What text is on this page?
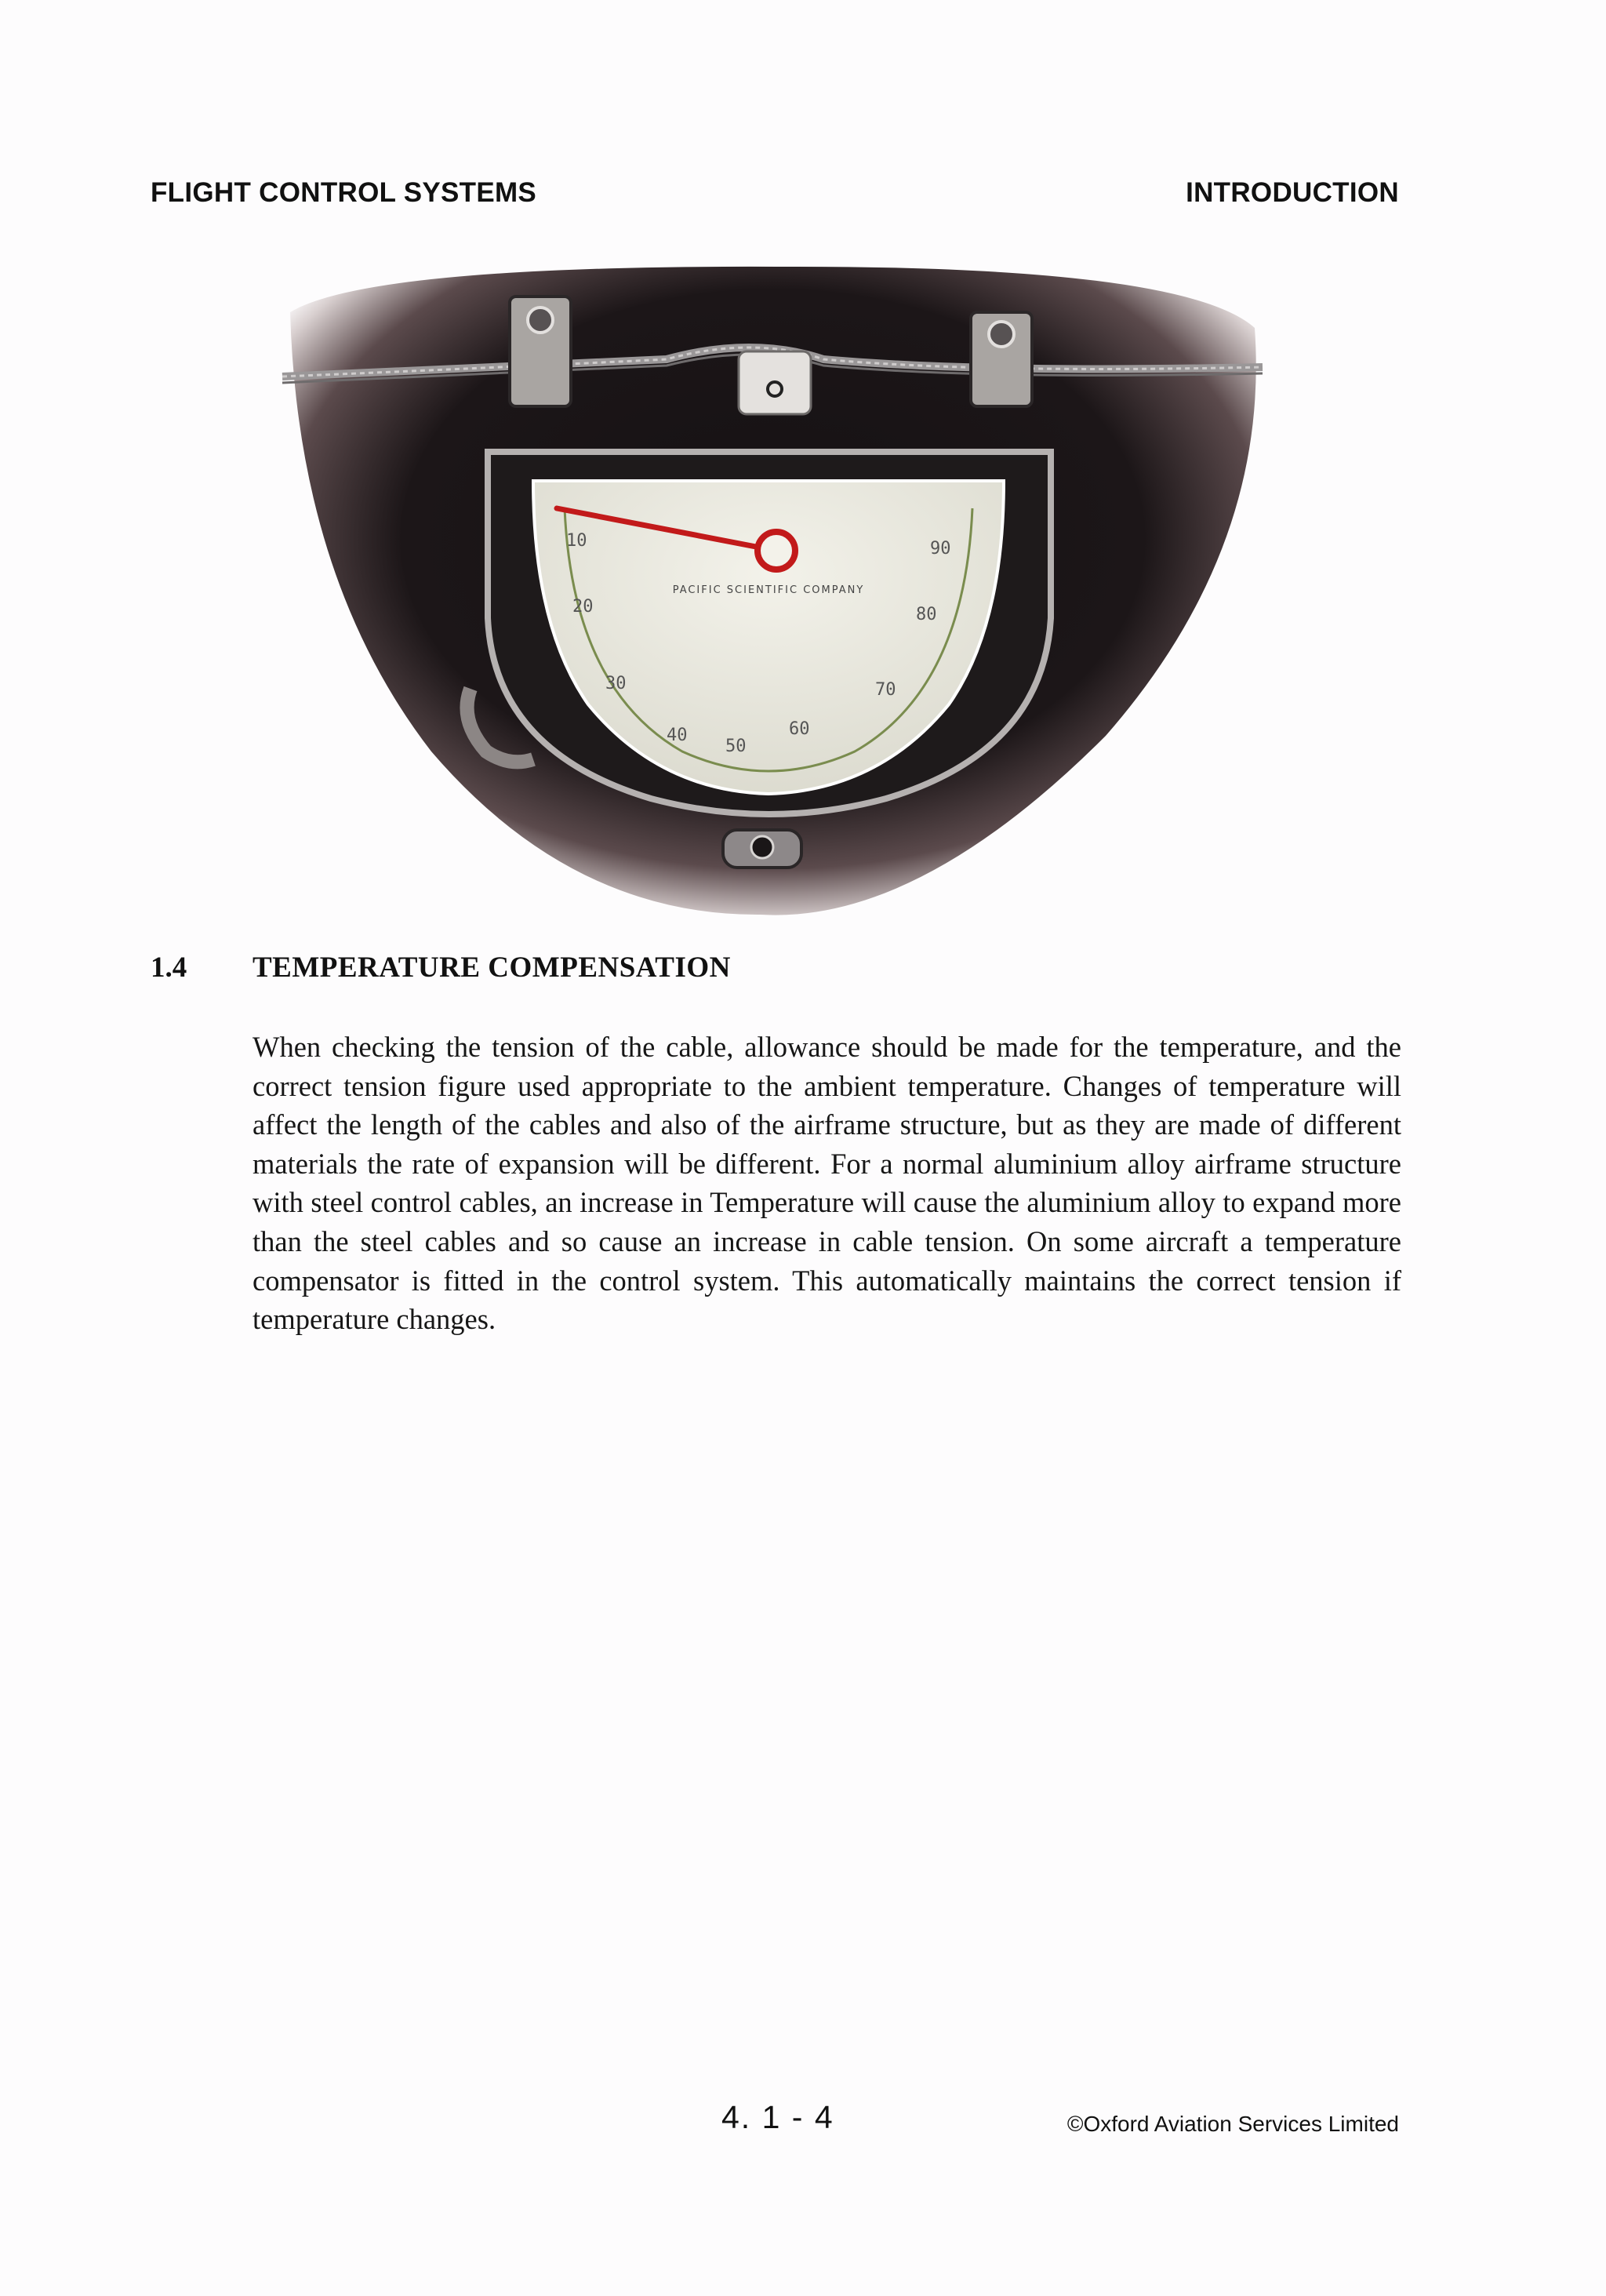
FLIGHT CONTROL SYSTEMS	INTRODUCTION
10
20
30
40
50
60
70
80
90
PACIFIC SCIENTIFIC COMPANY
1.4 TEMPERATURE COMPENSATION
When checking the tension of the cable, allowance should be made for the temperature, and the correct tension figure used appropriate to the ambient temperature. Changes of temperature will affect the length of the cables and also of the airframe structure, but as they are made of different materials the rate of expansion will be different. For a normal aluminium alloy airframe structure with steel control cables, an increase in Temperature will cause the aluminium alloy to expand more than the steel cables and so cause an increase in cable tension. On some aircraft a temperature compensator is fitted in the control system. This automatically maintains the correct tension if temperature changes.
4. 1 - 4	©Oxford Aviation Services Limited
